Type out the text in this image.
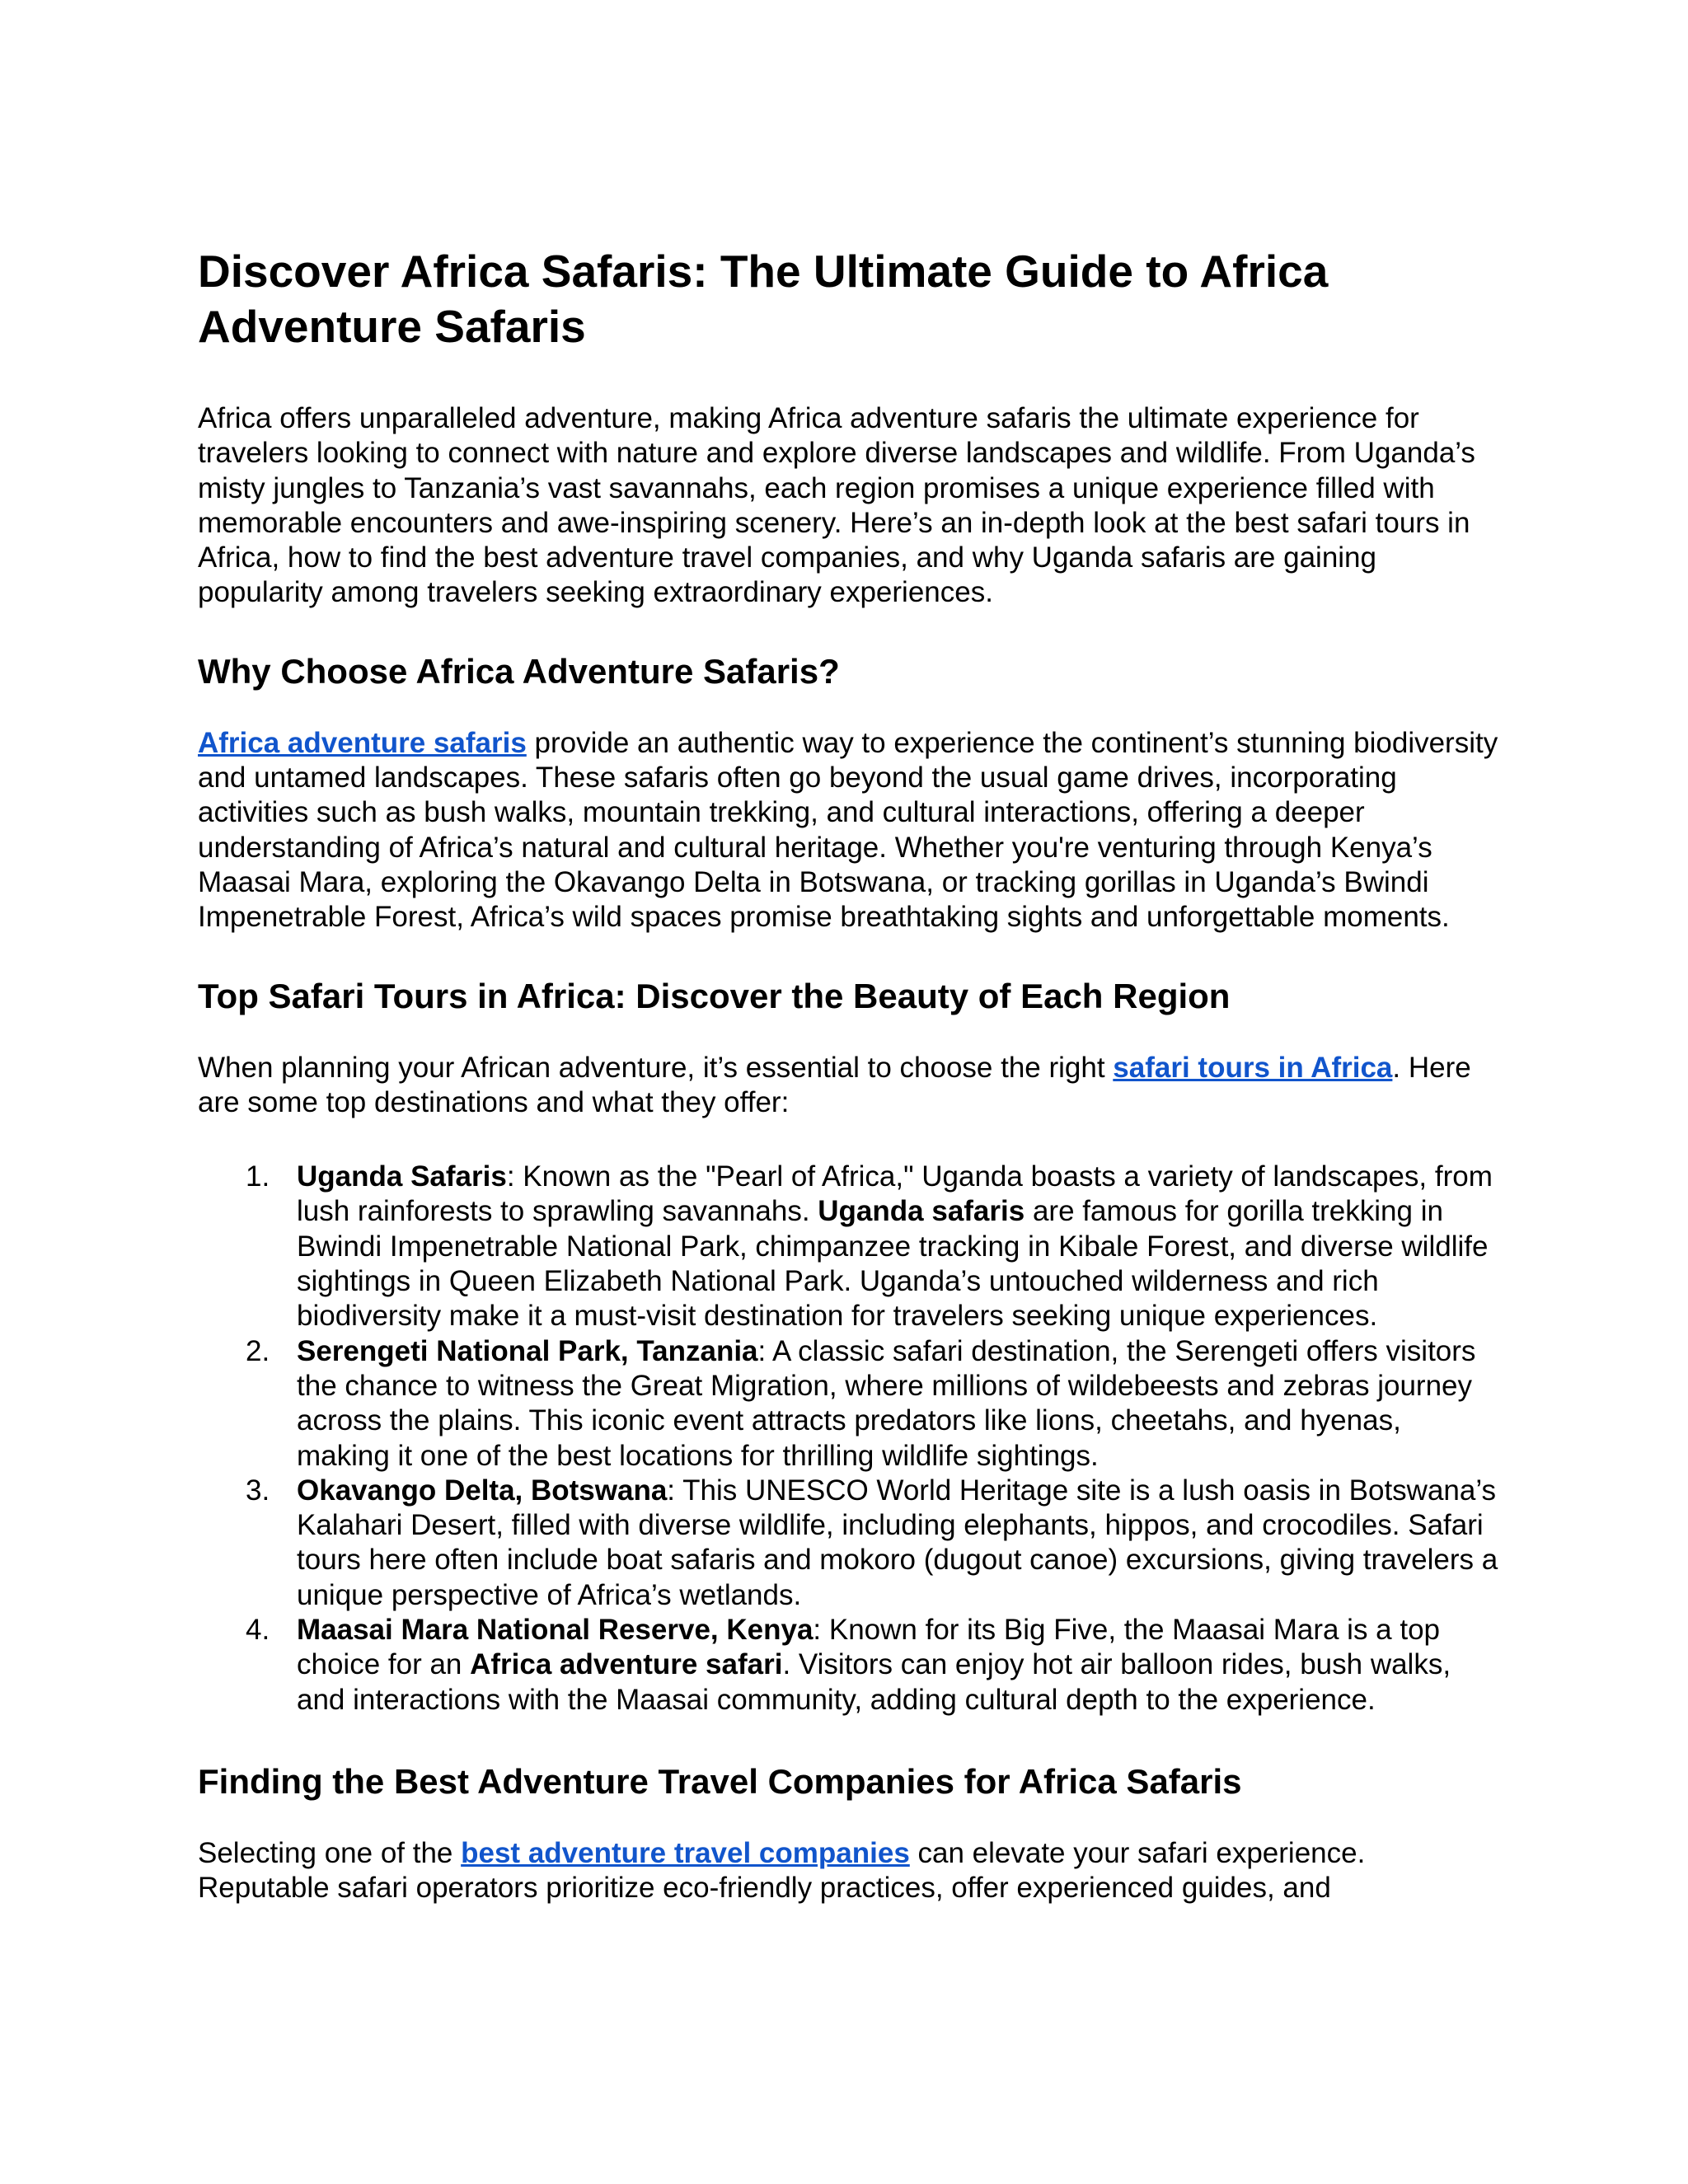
Discover Africa Safaris: The Ultimate Guide to Africa Adventure Safaris

Africa offers unparalleled adventure, making Africa adventure safaris the ultimate experience for travelers looking to connect with nature and explore diverse landscapes and wildlife. From Uganda’s misty jungles to Tanzania’s vast savannahs, each region promises a unique experience filled with memorable encounters and awe-inspiring scenery. Here’s an in-depth look at the best safari tours in Africa, how to find the best adventure travel companies, and why Uganda safaris are gaining popularity among travelers seeking extraordinary experiences.

Why Choose Africa Adventure Safaris?

Africa adventure safaris provide an authentic way to experience the continent’s stunning biodiversity and untamed landscapes. These safaris often go beyond the usual game drives, incorporating activities such as bush walks, mountain trekking, and cultural interactions, offering a deeper understanding of Africa’s natural and cultural heritage. Whether you're venturing through Kenya’s Maasai Mara, exploring the Okavango Delta in Botswana, or tracking gorillas in Uganda’s Bwindi Impenetrable Forest, Africa’s wild spaces promise breathtaking sights and unforgettable moments.

Top Safari Tours in Africa: Discover the Beauty of Each Region

When planning your African adventure, it’s essential to choose the right safari tours in Africa. Here are some top destinations and what they offer:

1. Uganda Safaris: Known as the "Pearl of Africa," Uganda boasts a variety of landscapes, from lush rainforests to sprawling savannahs. Uganda safaris are famous for gorilla trekking in Bwindi Impenetrable National Park, chimpanzee tracking in Kibale Forest, and diverse wildlife sightings in Queen Elizabeth National Park. Uganda’s untouched wilderness and rich biodiversity make it a must-visit destination for travelers seeking unique experiences.
2. Serengeti National Park, Tanzania: A classic safari destination, the Serengeti offers visitors the chance to witness the Great Migration, where millions of wildebeests and zebras journey across the plains. This iconic event attracts predators like lions, cheetahs, and hyenas, making it one of the best locations for thrilling wildlife sightings.
3. Okavango Delta, Botswana: This UNESCO World Heritage site is a lush oasis in Botswana’s Kalahari Desert, filled with diverse wildlife, including elephants, hippos, and crocodiles. Safari tours here often include boat safaris and mokoro (dugout canoe) excursions, giving travelers a unique perspective of Africa’s wetlands.
4. Maasai Mara National Reserve, Kenya: Known for its Big Five, the Maasai Mara is a top choice for an Africa adventure safari. Visitors can enjoy hot air balloon rides, bush walks, and interactions with the Maasai community, adding cultural depth to the experience.
Finding the Best Adventure Travel Companies for Africa Safaris

Selecting one of the best adventure travel companies can elevate your safari experience. Reputable safari operators prioritize eco-friendly practices, offer experienced guides, and
